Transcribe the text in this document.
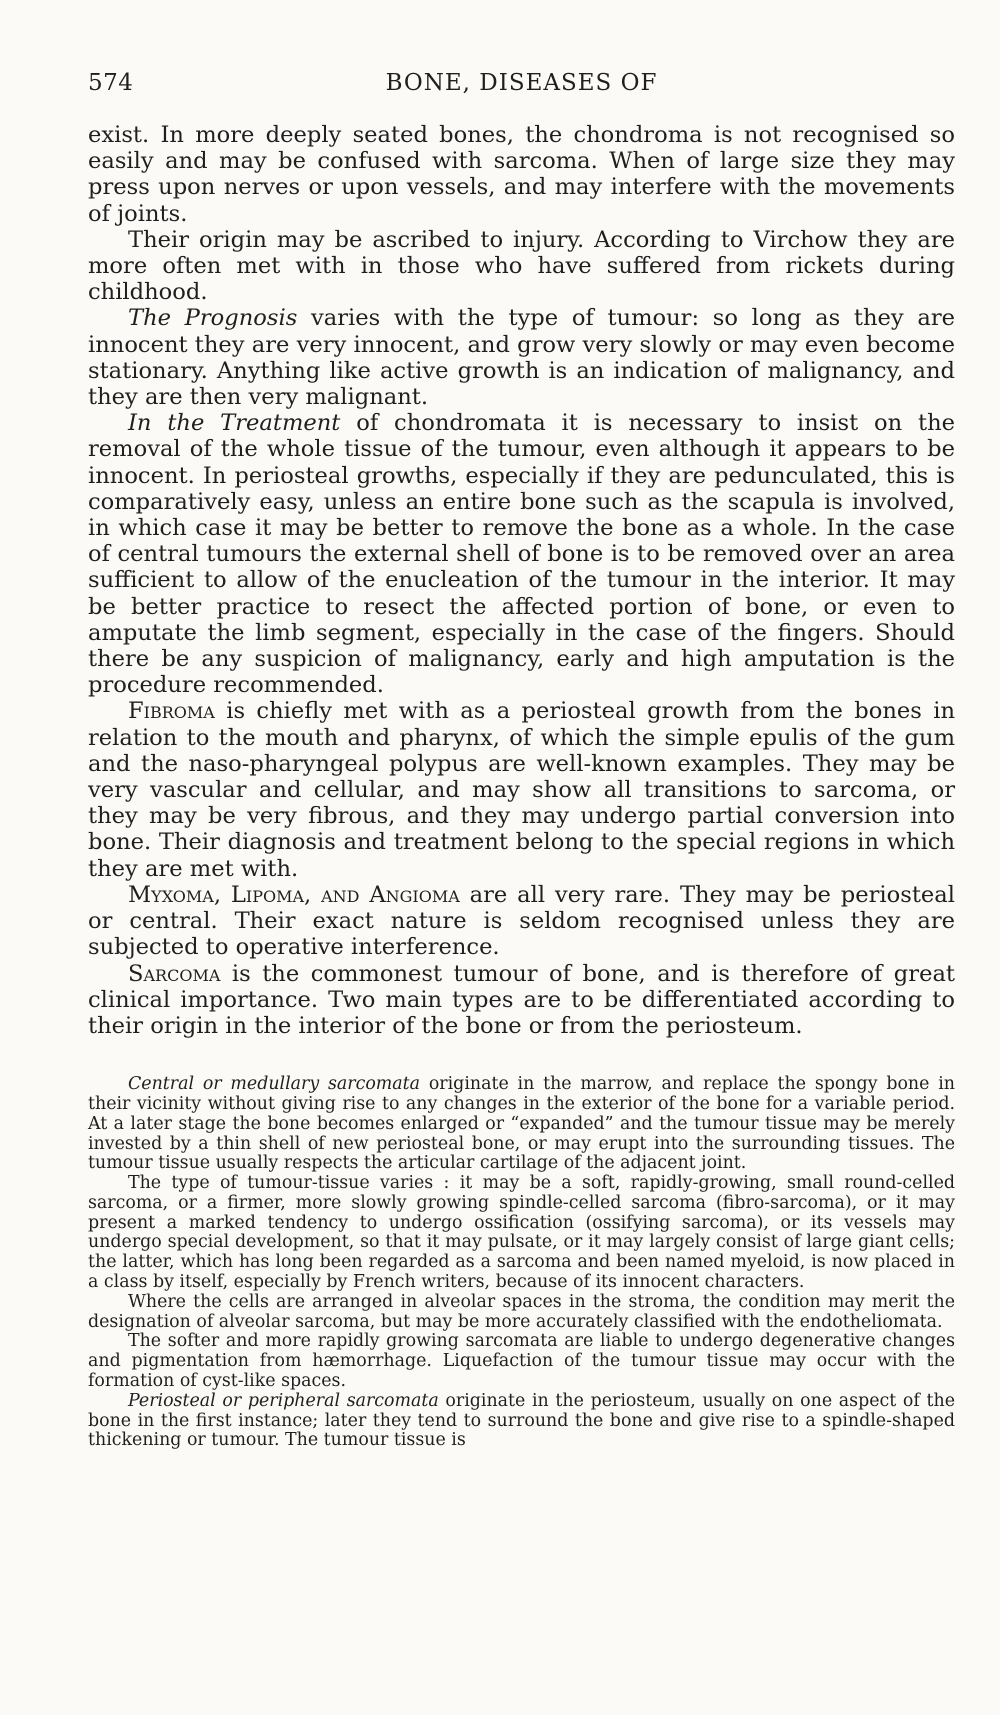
574	BONE, DISEASES OF

exist. In more deeply seated bones, the chondroma is not recognised so easily and may be confused with sarcoma. When of large size they may press upon nerves or upon vessels, and may interfere with the movements of joints.

Their origin may be ascribed to injury. According to Virchow they are more often met with in those who have suffered from rickets during childhood.

The Prognosis varies with the type of tumour: so long as they are innocent they are very innocent, and grow very slowly or may even become stationary. Anything like active growth is an indication of malignancy, and they are then very malignant.

In the Treatment of chondromata it is necessary to insist on the removal of the whole tissue of the tumour, even although it appears to be innocent. In periosteal growths, especially if they are pedunculated, this is comparatively easy, unless an entire bone such as the scapula is involved, in which case it may be better to remove the bone as a whole. In the case of central tumours the external shell of bone is to be removed over an area sufficient to allow of the enucleation of the tumour in the interior. It may be better practice to resect the affected portion of bone, or even to amputate the limb segment, especially in the case of the fingers. Should there be any suspicion of malignancy, early and high amputation is the procedure recommended.

Fibroma is chiefly met with as a periosteal growth from the bones in relation to the mouth and pharynx, of which the simple epulis of the gum and the naso-pharyngeal polypus are well-known examples. They may be very vascular and cellular, and may show all transitions to sarcoma, or they may be very fibrous, and they may undergo partial conversion into bone. Their diagnosis and treatment belong to the special regions in which they are met with.

Myxoma, Lipoma, and Angioma are all very rare. They may be periosteal or central. Their exact nature is seldom recognised unless they are subjected to operative interference.

Sarcoma is the commonest tumour of bone, and is therefore of great clinical importance. Two main types are to be differentiated according to their origin in the interior of the bone or from the periosteum.

Central or medullary sarcomata originate in the marrow, and replace the spongy bone in their vicinity without giving rise to any changes in the exterior of the bone for a variable period. At a later stage the bone becomes enlarged or “expanded” and the tumour tissue may be merely invested by a thin shell of new periosteal bone, or may erupt into the surrounding tissues. The tumour tissue usually respects the articular cartilage of the adjacent joint.

The type of tumour-tissue varies : it may be a soft, rapidly-growing, small round-celled sarcoma, or a firmer, more slowly growing spindle-celled sarcoma (fibro-sarcoma), or it may present a marked tendency to undergo ossification (ossifying sarcoma), or its vessels may undergo special development, so that it may pulsate, or it may largely consist of large giant cells; the latter, which has long been regarded as a sarcoma and been named myeloid, is now placed in a class by itself, especially by French writers, because of its innocent characters.

Where the cells are arranged in alveolar spaces in the stroma, the condition may merit the designation of alveolar sarcoma, but may be more accurately classified with the endotheliomata.

The softer and more rapidly growing sarcomata are liable to undergo degenerative changes and pigmentation from hæmorrhage. Liquefaction of the tumour tissue may occur with the formation of cyst-like spaces.

Periosteal or peripheral sarcomata originate in the periosteum, usually on one aspect of the bone in the first instance; later they tend to surround the bone and give rise to a spindle-shaped thickening or tumour. The tumour tissue is
